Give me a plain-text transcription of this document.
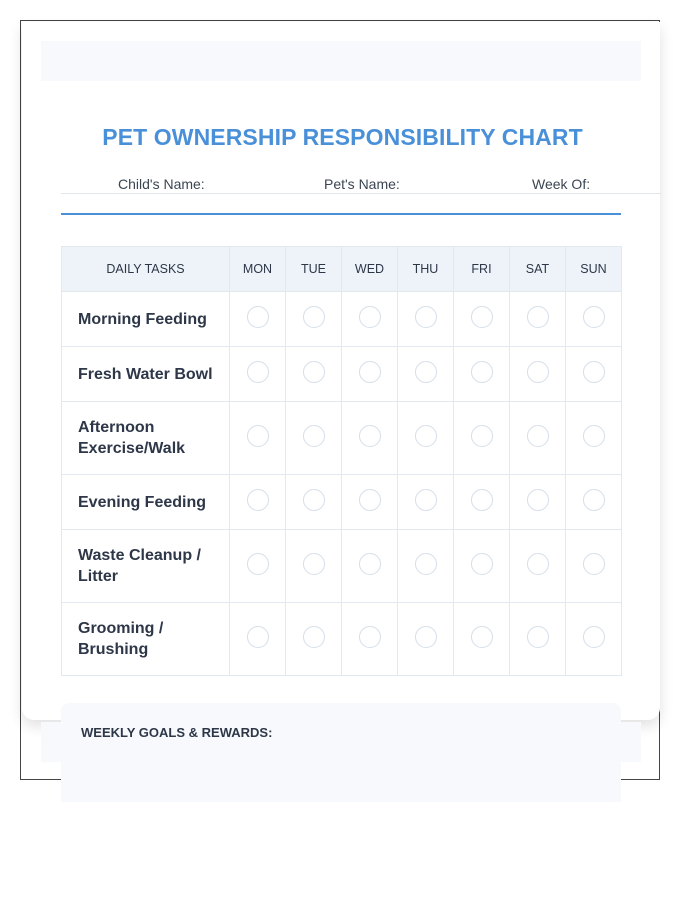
PET OWNERSHIP RESPONSIBILITY CHART
Child's Name:	Pet's Name:	Week Of:
DAILY TASKS	MON	TUE	WED	THU	FRI	SAT	SUN
Morning Feeding							
Fresh Water Bowl							
Afternoon Exercise/Walk							
Evening Feeding							
Waste Cleanup / Litter							
Grooming / Brushing							
WEEKLY GOALS & REWARDS:
